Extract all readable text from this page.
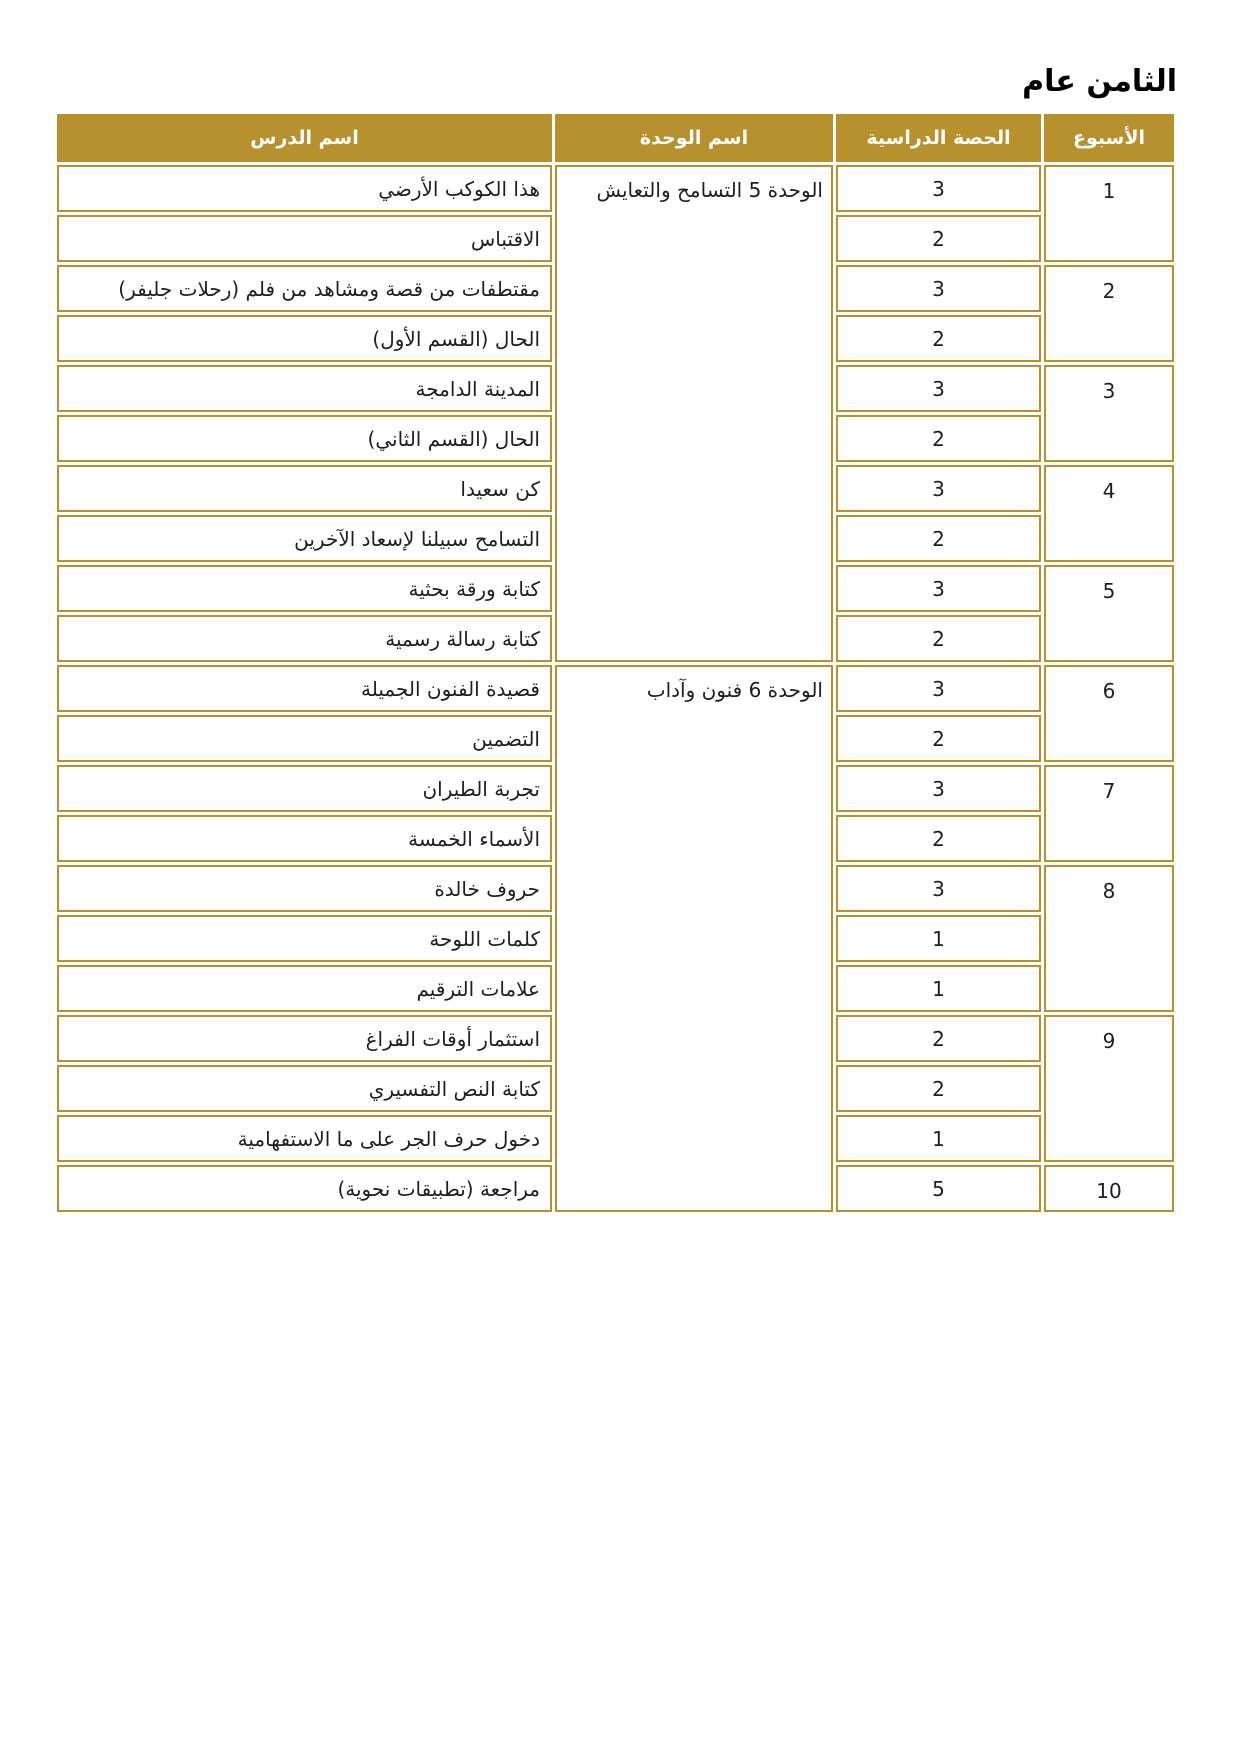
الثامن عام
الأسبوع	الحصة الدراسية	اسم الوحدة	اسم الدرس
1	3	الوحدة 5 التسامح والتعايش	هذا الكوكب الأرضي
	2		الاقتباس
2	3		مقتطفات من قصة ومشاهد من فلم (رحلات جليفر)
	2		الحال (القسم الأول)
3	3		المدينة الدامجة
	2		الحال (القسم الثاني)
4	3		كن سعيدا
	2		التسامح سبيلنا لإسعاد الآخرين
5	3		كتابة ورقة بحثية
	2		كتابة رسالة رسمية
6	3	الوحدة 6 فنون وآداب	قصيدة الفنون الجميلة
	2		التضمين
7	3		تجربة الطيران
	2		الأسماء الخمسة
8	3		حروف خالدة
	1		كلمات اللوحة
	1		علامات الترقيم
9	2		استثمار أوقات الفراغ
	2		كتابة النص التفسيري
	1		دخول حرف الجر على ما الاستفهامية
10	5		مراجعة (تطبيقات نحوية)
